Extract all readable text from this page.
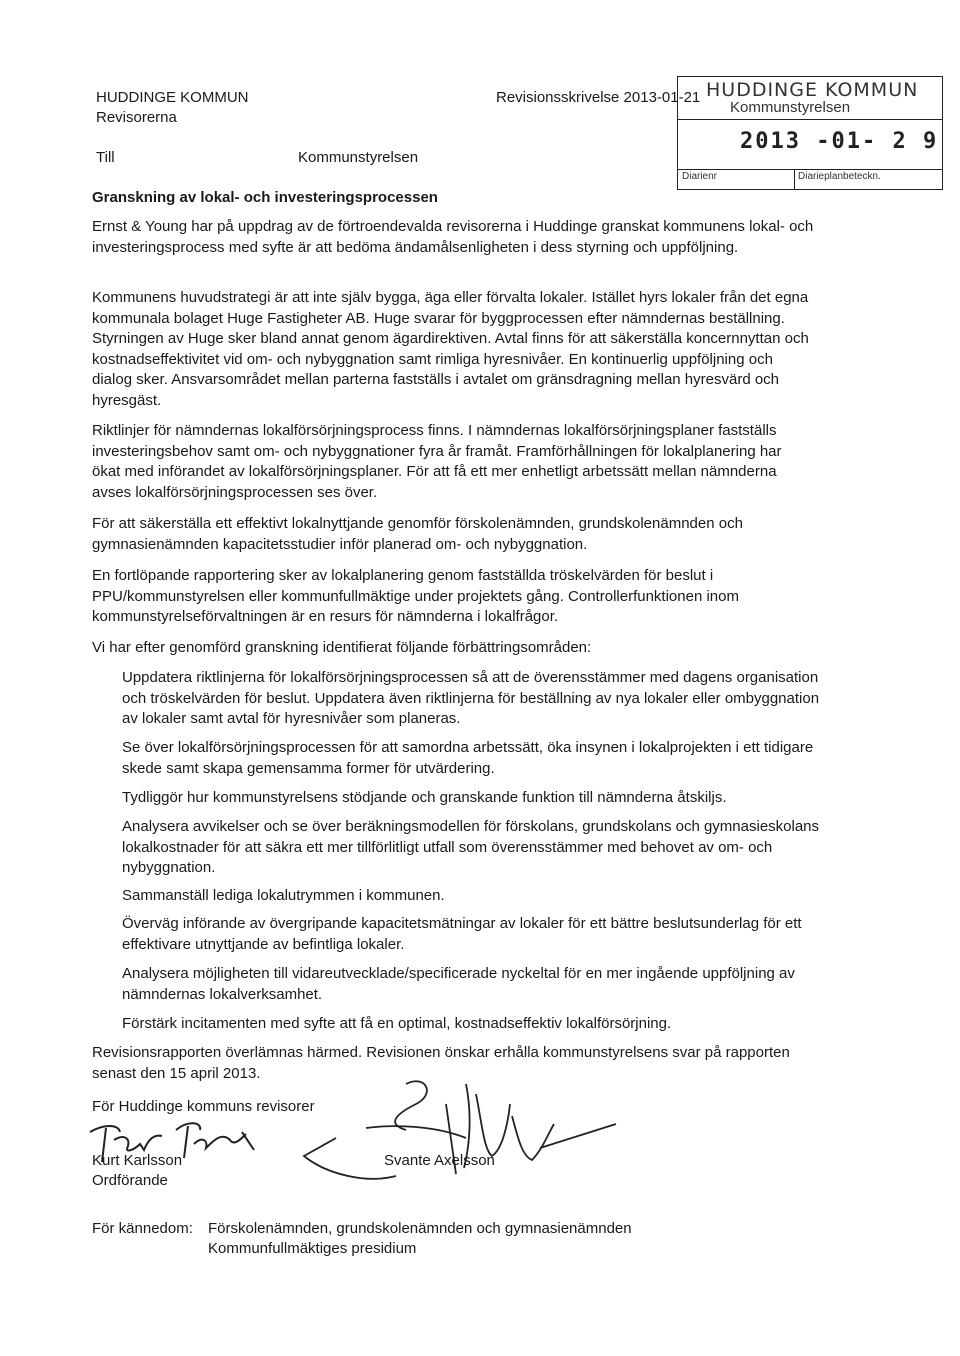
HUDDINGE KOMMUN
Revisorerna
Revisionsskrivelse 2013-01-21
Till	Kommunstyrelsen
HUDDINGE KOMMUN
Kommunstyrelsen
2013 -01- 2 9
Diarienr	Diarieplanbeteckn.
Granskning av lokal- och investeringsprocessen

Ernst & Young har på uppdrag av de förtroendevalda revisorerna i Huddinge granskat kommunens lokal- och investeringsprocess med syfte är att bedöma ändamålsenligheten i dess styrning och uppföljning.

Kommunens huvudstrategi är att inte själv bygga, äga eller förvalta lokaler. Istället hyrs lokaler från det egna kommunala bolaget Huge Fastigheter AB. Huge svarar för byggprocessen efter nämndernas beställning. Styrningen av Huge sker bland annat genom ägardirektiven. Avtal finns för att säkerställa koncernnyttan och kostnadseffektivitet vid om- och nybyggnation samt rimliga hyresnivåer. En kontinuerlig uppföljning och dialog sker. Ansvarsområdet mellan parterna fastställs i avtalet om gränsdragning mellan hyresvärd och hyresgäst.

Riktlinjer för nämndernas lokalförsörjningsprocess finns. I nämndernas lokalförsörjningsplaner fastställs investeringsbehov samt om- och nybyggnationer fyra år framåt. Framförhållningen för lokalplanering har ökat med införandet av lokalförsörjningsplaner. För att få ett mer enhetligt arbetssätt mellan nämnderna avses lokalförsörjningsprocessen ses över.

För att säkerställa ett effektivt lokalnyttjande genomför förskolenämnden, grundskolenämnden och gymnasienämnden kapacitetsstudier inför planerad om- och nybyggnation.

En fortlöpande rapportering sker av lokalplanering genom fastställda tröskelvärden för beslut i PPU/kommunstyrelsen eller kommunfullmäktige under projektets gång. Controllerfunktionen inom kommunstyrelseförvaltningen är en resurs för nämnderna i lokalfrågor.

Vi har efter genomförd granskning identifierat följande förbättringsområden:

Uppdatera riktlinjerna för lokalförsörjningsprocessen så att de överensstämmer med dagens organisation och tröskelvärden för beslut. Uppdatera även riktlinjerna för beställning av nya lokaler eller ombyggnation av lokaler samt avtal för hyresnivåer som planeras.

Se över lokalförsörjningsprocessen för att samordna arbetssätt, öka insynen i lokalprojekten i ett tidigare skede samt skapa gemensamma former för utvärdering.

Tydliggör hur kommunstyrelsens stödjande och granskande funktion till nämnderna åtskiljs.

Analysera avvikelser och se över beräkningsmodellen för förskolans, grundskolans och gymnasieskolans lokalkostnader för att säkra ett mer tillförlitligt utfall som överensstämmer med behovet av om- och nybyggnation.

Sammanställ lediga lokalutrymmen i kommunen.

Överväg införande av övergripande kapacitetsmätningar av lokaler för ett bättre beslutsunderlag för ett effektivare utnyttjande av befintliga lokaler.

Analysera möjligheten till vidareutvecklade/specificerade nyckeltal för en mer ingående uppföljning av nämndernas lokalverksamhet.

Förstärk incitamenten med syfte att få en optimal, kostnadseffektiv lokalförsörjning.

Revisionsrapporten överlämnas härmed. Revisionen önskar erhålla kommunstyrelsens svar på rapporten senast den 15 april 2013.

För Huddinge kommuns revisorer
Kurt Karlsson
Ordförande
Svante Axelsson
För kännedom: Förskolenämnden, grundskolenämnden och gymnasienämnden
Kommunfullmäktiges presidium
